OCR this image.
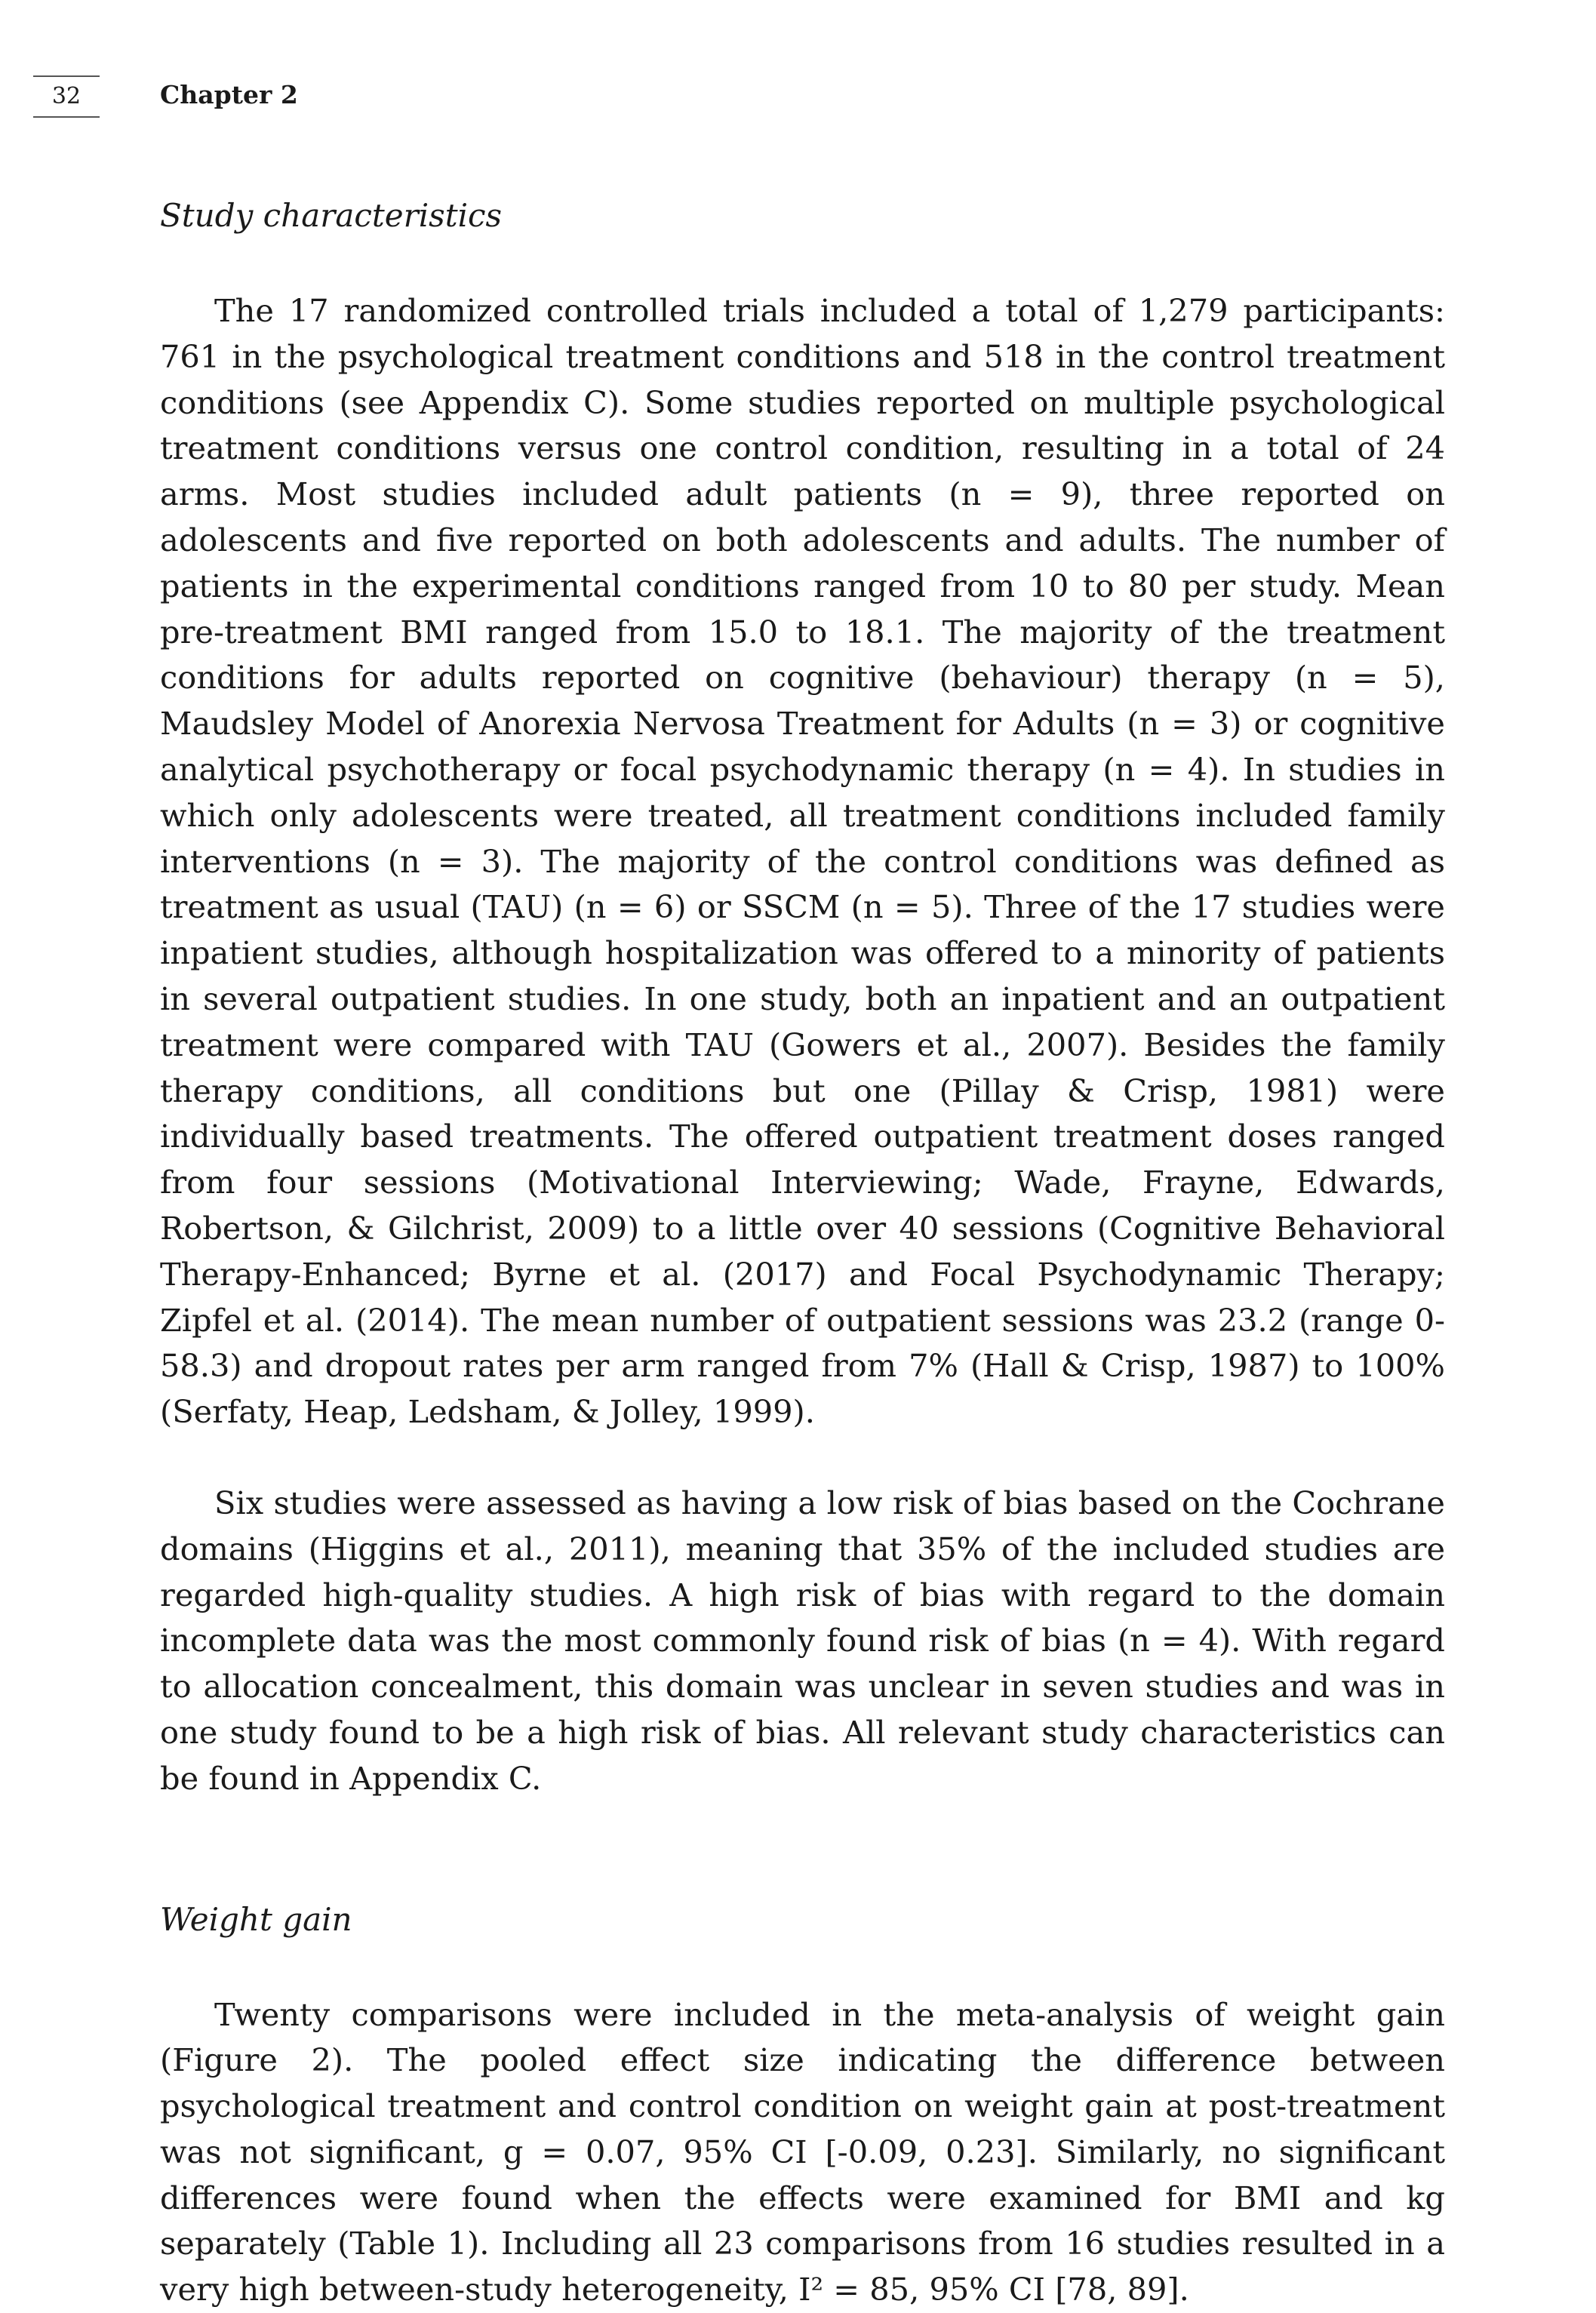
32	Chapter 2
Study characteristics

The 17 randomized controlled trials included a total of 1,279 participants: 761 in the psychological treatment conditions and 518 in the control treatment conditions (see Appendix C). Some studies reported on multiple psychological treatment conditions versus one control condition, resulting in a total of 24 arms. Most studies included adult patients (n = 9), three reported on adolescents and five reported on both adolescents and adults. The number of patients in the experimental conditions ranged from 10 to 80 per study. Mean pre-treatment BMI ranged from 15.0 to 18.1. The majority of the treatment conditions for adults reported on cognitive (behaviour) therapy (n = 5), Maudsley Model of Anorexia Nervosa Treatment for Adults (n = 3) or cognitive analytical psychotherapy or focal psychodynamic therapy (n = 4). In studies in which only adolescents were treated, all treatment conditions included family interventions (n = 3). The majority of the control conditions was defined as treatment as usual (TAU) (n = 6) or SSCM (n = 5). Three of the 17 studies were inpatient studies, although hospitalization was offered to a minority of patients in several outpatient studies. In one study, both an inpatient and an outpatient treatment were compared with TAU (Gowers et al., 2007). Besides the family therapy conditions, all conditions but one (Pillay & Crisp, 1981) were individually based treatments. The offered outpatient treatment doses ranged from four sessions (Motivational Interviewing; Wade, Frayne, Edwards, Robertson, & Gilchrist, 2009) to a little over 40 sessions (Cognitive Behavioral Therapy-Enhanced; Byrne et al. (2017) and Focal Psychodynamic Therapy; Zipfel et al. (2014). The mean number of outpatient sessions was 23.2 (range 0-58.3) and dropout rates per arm ranged from 7% (Hall & Crisp, 1987) to 100% (Serfaty, Heap, Ledsham, & Jolley, 1999).

Six studies were assessed as having a low risk of bias based on the Cochrane domains (Higgins et al., 2011), meaning that 35% of the included studies are regarded high-quality studies. A high risk of bias with regard to the domain incomplete data was the most commonly found risk of bias (n = 4). With regard to allocation concealment, this domain was unclear in seven studies and was in one study found to be a high risk of bias. All relevant study characteristics can be found in Appendix C.

Weight gain

Twenty comparisons were included in the meta-analysis of weight gain (Figure 2). The pooled effect size indicating the difference between psychological treatment and control condition on weight gain at post-treatment was not significant, g = 0.07, 95% CI [-0.09, 0.23]. Similarly, no significant differences were found when the effects were examined for BMI and kg separately (Table 1). Including all 23 comparisons from 16 studies resulted in a very high between-study heterogeneity, I² = 85, 95% CI [78, 89].
